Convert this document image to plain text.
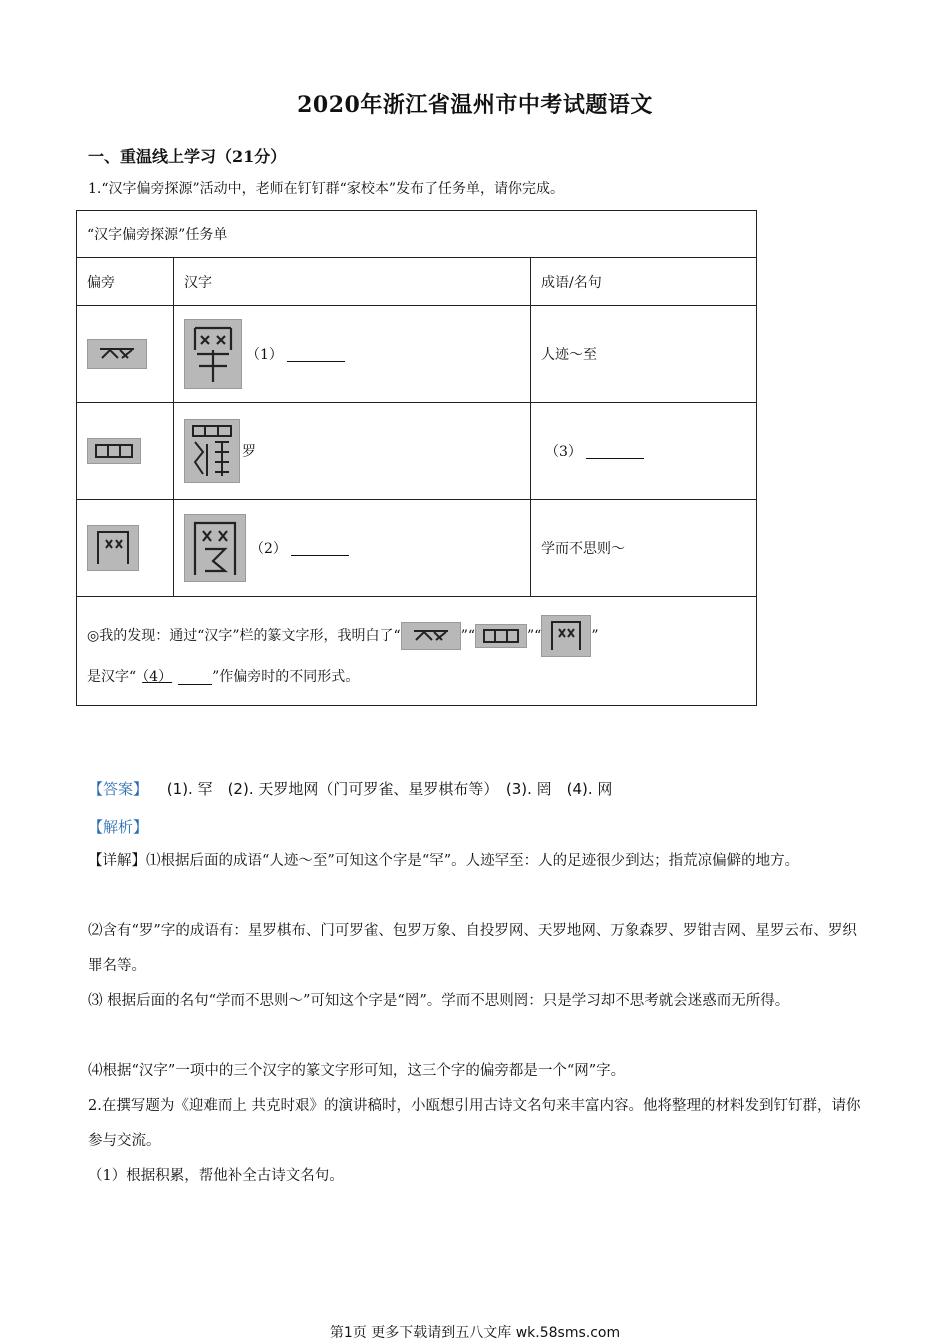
2020年浙江省温州市中考试题语文
一、重温线上学习（21分）
1.“汉字偏旁探源”活动中，老师在钉钉群“家校本”发布了任务单，请你完成。
“汉字偏旁探源”任务单		
偏旁	汉字	成语/名句

（1）	人迹～至

罗	（3）

（2）	学而不思则～

◎我的发现：通过“汉字”栏的篆文字形，我明白了“ ”“ ”“ ”
是汉字“ （4） ”作偏旁时的不同形式。		
【答案】 (1). 罕　(2). 天罗地网（门可罗雀、星罗棋布等）　(3). 罔　(4). 网
【解析】
【详解】⑴根据后面的成语“人迹～至”可知这个字是“罕”。人迹罕至：人的足迹很少到达；指荒凉偏僻的地方。
⑵含有“罗”字的成语有：星罗棋布、门可罗雀、包罗万象、自投罗网、天罗地网、万象森罗、罗钳吉网、星罗云布、罗织罪名等。
⑶ 根据后面的名句“学而不思则～”可知这个字是“罔”。学而不思则罔：只是学习却不思考就会迷惑而无所得。
⑷根据“汉字”一项中的三个汉字的篆文字形可知，这三个字的偏旁都是一个“网”字。
2.在撰写题为《迎难而上 共克时艰》的演讲稿时，小瓯想引用古诗文名句来丰富内容。他将整理的材料发到钉钉群，请你参与交流。
（1）根据积累，帮他补全古诗文名句。
第1页 更多下载请到五八文库 wk.58sms.com
